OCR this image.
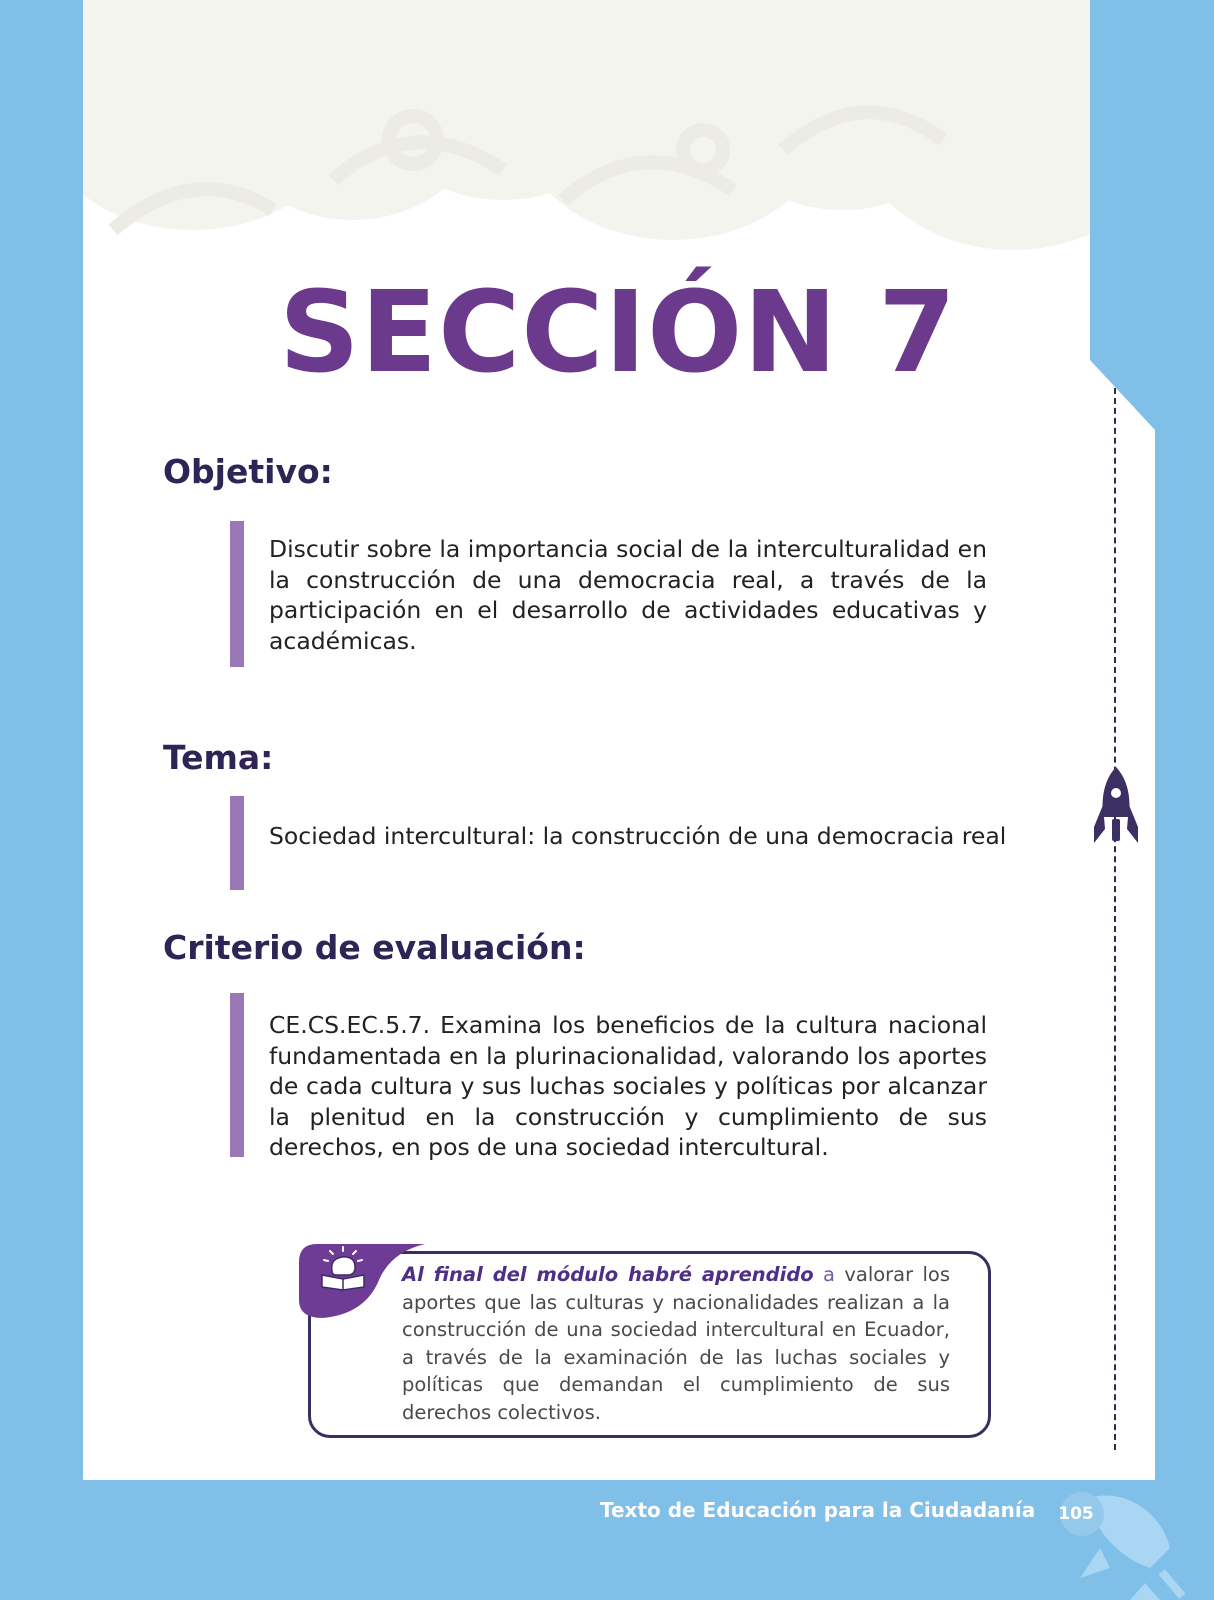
SECCIÓN 7
Objetivo:
Discutir sobre la importancia social de la interculturalidad en la construcción de una democracia real, a través de la participación en el desarrollo de actividades educativas y académicas.
Tema:
Sociedad intercultural: la construcción de una democracia real
Criterio de evaluación:
CE.CS.EC.5.7. Examina los beneficios de la cultura nacional fundamentada en la plurinacionalidad, valorando los aportes de cada cultura y sus luchas sociales y políticas por alcanzar la plenitud en la construcción y cumplimiento de sus derechos, en pos de una sociedad intercultural.
Al final del módulo habré aprendido a valorar los aportes que las culturas y nacionalidades realizan a la construcción de una sociedad intercultural en Ecuador, a través de la examinación de las luchas sociales y políticas que demandan el cumplimiento de sus derechos colectivos.
Texto de Educación para la Ciudadanía 105
